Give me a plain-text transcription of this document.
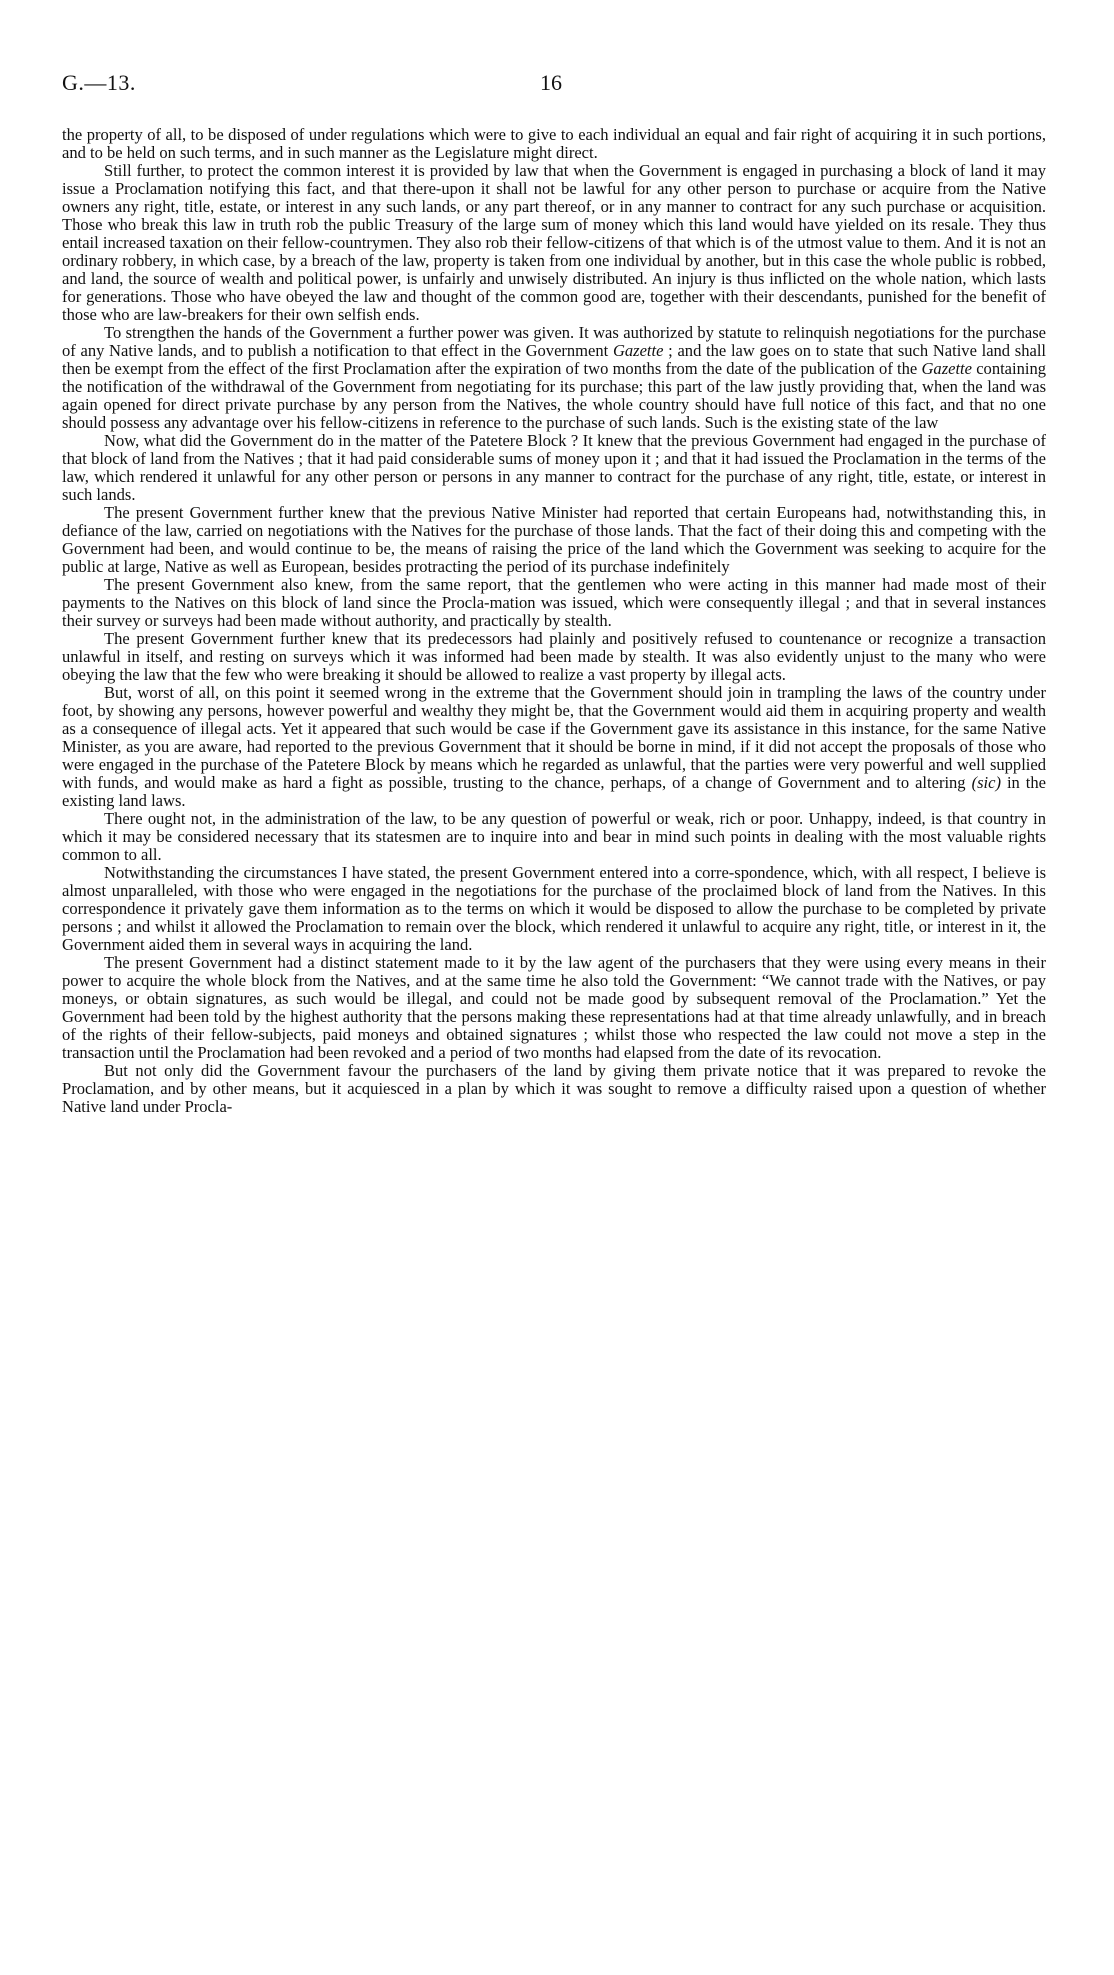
G.—13.	16

the property of all, to be disposed of under regulations which were to give to each individual an equal and fair right of acquiring it in such portions, and to be held on such terms, and in such manner as the Legislature might direct.

Still further, to protect the common interest it is provided by law that when the Government is engaged in purchasing a block of land it may issue a Proclamation notifying this fact, and that there-upon it shall not be lawful for any other person to purchase or acquire from the Native owners any right, title, estate, or interest in any such lands, or any part thereof, or in any manner to contract for any such purchase or acquisition. Those who break this law in truth rob the public Treasury of the large sum of money which this land would have yielded on its resale. They thus entail increased taxation on their fellow-countrymen. They also rob their fellow-citizens of that which is of the utmost value to them. And it is not an ordinary robbery, in which case, by a breach of the law, property is taken from one individual by another, but in this case the whole public is robbed, and land, the source of wealth and political power, is unfairly and unwisely distributed. An injury is thus inflicted on the whole nation, which lasts for generations. Those who have obeyed the law and thought of the common good are, together with their descendants, punished for the benefit of those who are law-breakers for their own selfish ends.

To strengthen the hands of the Government a further power was given. It was authorized by statute to relinquish negotiations for the purchase of any Native lands, and to publish a notification to that effect in the Government Gazette ; and the law goes on to state that such Native land shall then be exempt from the effect of the first Proclamation after the expiration of two months from the date of the publication of the Gazette containing the notification of the withdrawal of the Government from negotiating for its purchase; this part of the law justly providing that, when the land was again opened for direct private purchase by any person from the Natives, the whole country should have full notice of this fact, and that no one should possess any advantage over his fellow-citizens in reference to the purchase of such lands. Such is the existing state of the law

Now, what did the Government do in the matter of the Patetere Block ? It knew that the previous Government had engaged in the purchase of that block of land from the Natives ; that it had paid considerable sums of money upon it ; and that it had issued the Proclamation in the terms of the law, which rendered it unlawful for any other person or persons in any manner to contract for the purchase of any right, title, estate, or interest in such lands.

The present Government further knew that the previous Native Minister had reported that certain Europeans had, notwithstanding this, in defiance of the law, carried on negotiations with the Natives for the purchase of those lands. That the fact of their doing this and competing with the Government had been, and would continue to be, the means of raising the price of the land which the Government was seeking to acquire for the public at large, Native as well as European, besides protracting the period of its purchase indefinitely

The present Government also knew, from the same report, that the gentlemen who were acting in this manner had made most of their payments to the Natives on this block of land since the Procla-mation was issued, which were consequently illegal ; and that in several instances their survey or surveys had been made without authority, and practically by stealth.

The present Government further knew that its predecessors had plainly and positively refused to countenance or recognize a transaction unlawful in itself, and resting on surveys which it was informed had been made by stealth. It was also evidently unjust to the many who were obeying the law that the few who were breaking it should be allowed to realize a vast property by illegal acts.

But, worst of all, on this point it seemed wrong in the extreme that the Government should join in trampling the laws of the country under foot, by showing any persons, however powerful and wealthy they might be, that the Government would aid them in acquiring property and wealth as a consequence of illegal acts. Yet it appeared that such would be case if the Government gave its assistance in this instance, for the same Native Minister, as you are aware, had reported to the previous Government that it should be borne in mind, if it did not accept the proposals of those who were engaged in the purchase of the Patetere Block by means which he regarded as unlawful, that the parties were very powerful and well supplied with funds, and would make as hard a fight as possible, trusting to the chance, perhaps, of a change of Government and to altering (sic) in the existing land laws.

There ought not, in the administration of the law, to be any question of powerful or weak, rich or poor. Unhappy, indeed, is that country in which it may be considered necessary that its statesmen are to inquire into and bear in mind such points in dealing with the most valuable rights common to all.

Notwithstanding the circumstances I have stated, the present Government entered into a corre-spondence, which, with all respect, I believe is almost unparalleled, with those who were engaged in the negotiations for the purchase of the proclaimed block of land from the Natives. In this correspondence it privately gave them information as to the terms on which it would be disposed to allow the purchase to be completed by private persons ; and whilst it allowed the Proclamation to remain over the block, which rendered it unlawful to acquire any right, title, or interest in it, the Government aided them in several ways in acquiring the land.

The present Government had a distinct statement made to it by the law agent of the purchasers that they were using every means in their power to acquire the whole block from the Natives, and at the same time he also told the Government: “We cannot trade with the Natives, or pay moneys, or obtain signatures, as such would be illegal, and could not be made good by subsequent removal of the Proclamation.” Yet the Government had been told by the highest authority that the persons making these representations had at that time already unlawfully, and in breach of the rights of their fellow-subjects, paid moneys and obtained signatures ; whilst those who respected the law could not move a step in the transaction until the Proclamation had been revoked and a period of two months had elapsed from the date of its revocation.

But not only did the Government favour the purchasers of the land by giving them private notice that it was prepared to revoke the Proclamation, and by other means, but it acquiesced in a plan by which it was sought to remove a difficulty raised upon a question of whether Native land under Procla-
